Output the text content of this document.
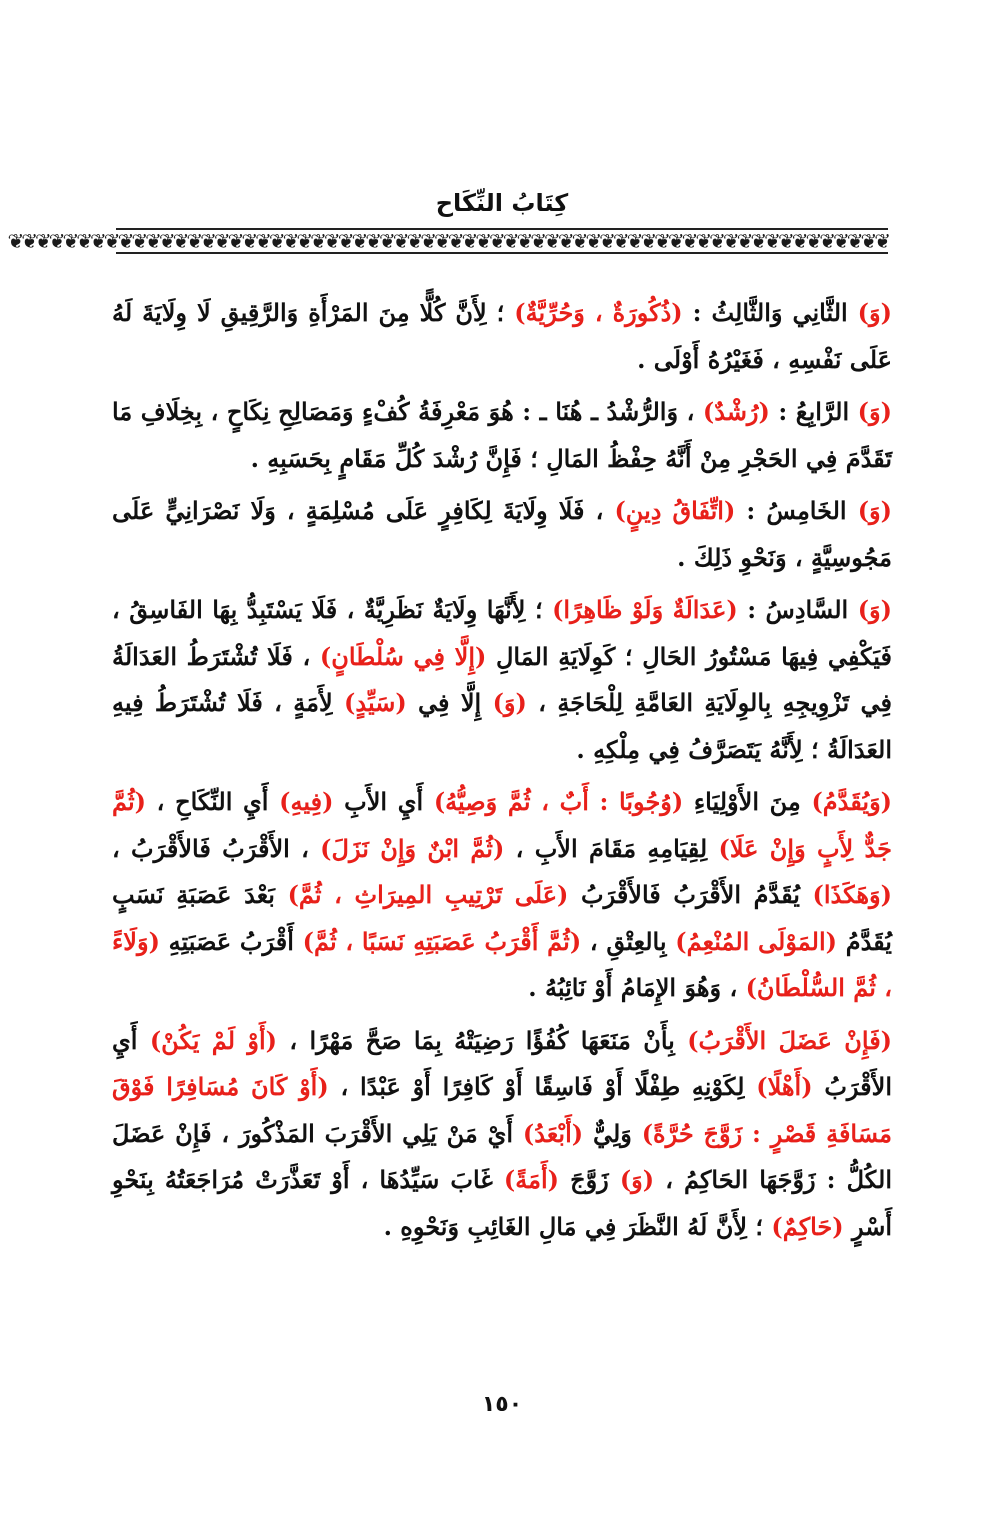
كِتَابُ النِّكَاح
❦❦❦❦❦❦❦❦❦❦❦❦❦❦❦❦❦❦❦❦❦❦❦❦❦❦❦❦❦❦❦❦❦❦❦❦❦❦❦❦❦❦❦❦❦❦❦❦❦❦❦❦❦❦❦❦❦❦❦❦❦❦❦❦

(وَ) الثَّانِي وَالثَّالِثُ : (ذُكُورَةٌ ، وَحُرِّيَّةٌ) ؛ لِأَنَّ كُلًّا مِنَ المَرْأَةِ وَالرَّقِيقِ لَا وِلَايَةَ لَهُ عَلَى نَفْسِهِ ، فَغَيْرُهُ أَوْلَى .

(وَ) الرَّابِعُ : (رُشْدٌ) ، وَالرُّشْدُ ـ هُنَا ـ : هُوَ مَعْرِفَةُ كُفْءٍ وَمَصَالِحِ نِكَاحٍ ، بِخِلَافِ مَا تَقَدَّمَ فِي الحَجْرِ مِنْ أَنَّهُ حِفْظُ المَالِ ؛ فَإِنَّ رُشْدَ كُلِّ مَقَامٍ بِحَسَبِهِ .

(وَ) الخَامِسُ : (اتِّفَاقُ دِينٍ) ، فَلَا وِلَايَةَ لِكَافِرٍ عَلَى مُسْلِمَةٍ ، وَلَا نَصْرَانِيٍّ عَلَى مَجُوسِيَّةٍ ، وَنَحْوِ ذَلِكَ .

(وَ) السَّادِسُ : (عَدَالَةٌ وَلَوْ ظَاهِرًا) ؛ لِأَنَّهَا وِلَايَةٌ نَظَرِيَّةٌ ، فَلَا يَسْتَبِدُّ بِهَا الفَاسِقُ ، فَيَكْفِي فِيهَا مَسْتُورُ الحَالِ ؛ كَوِلَايَةِ المَالِ (إِلَّا فِي سُلْطَانٍ) ، فَلَا تُشْتَرَطُ العَدَالَةُ فِي تَزْوِيجِهِ بِالوِلَايَةِ العَامَّةِ لِلْحَاجَةِ ، (وَ) إِلَّا فِي (سَيِّدٍ) لِأَمَةٍ ، فَلَا تُشْتَرَطُ فِيهِ العَدَالَةُ ؛ لِأَنَّهُ يَتَصَرَّفُ فِي مِلْكِهِ .

(وَيُقَدَّمُ) مِنَ الأَوْلِيَاءِ (وُجُوبًا : أَبٌ ، ثُمَّ وَصِيُّهُ) أَيِ الأَبِ (فِيهِ) أَيِ النِّكَاحِ ، (ثُمَّ جَدٌّ لِأَبٍ وَإِنْ عَلَا) لِقِيَامِهِ مَقَامَ الأَبِ ، (ثُمَّ ابْنٌ وَإِنْ نَزَلَ) ، الأَقْرَبُ فَالأَقْرَبُ ، (وَهَكَذَا) يُقَدَّمُ الأَقْرَبُ فَالأَقْرَبُ (عَلَى تَرْتِيبِ المِيرَاثِ ، ثُمَّ) بَعْدَ عَصَبَةِ نَسَبٍ يُقَدَّمُ (المَوْلَى المُنْعِمُ) بِالعِتْقِ ، (ثُمَّ أَقْرَبُ عَصَبَتِهِ نَسَبًا ، ثُمَّ) أَقْرَبُ عَصَبَتِهِ (وَلَاءً ، ثُمَّ السُّلْطَانُ) ، وَهُوَ الإِمَامُ أَوْ نَائِبُهُ .

(فَإِنْ عَضَلَ الأَقْرَبُ) بِأَنْ مَنَعَهَا كُفُؤًا رَضِيَتْهُ بِمَا صَحَّ مَهْرًا ، (أَوْ لَمْ يَكُنْ) أَيِ الأَقْرَبُ (أَهْلًا) لِكَوْنِهِ طِفْلًا أَوْ فَاسِقًا أَوْ كَافِرًا أَوْ عَبْدًا ، (أَوْ كَانَ مُسَافِرًا فَوْقَ مَسَافَةِ قَصْرٍ : زَوَّجَ حُرَّةً) وَلِيٌّ (أَبْعَدُ) أَيْ مَنْ يَلِي الأَقْرَبَ المَذْكُورَ ، فَإِنْ عَضَلَ الكُلُّ : زَوَّجَهَا الحَاكِمُ ، (وَ) زَوَّجَ (أَمَةً) غَابَ سَيِّدُهَا ، أَوْ تَعَذَّرَتْ مُرَاجَعَتُهُ بِنَحْوِ أَسْرٍ (حَاكِمٌ) ؛ لِأَنَّ لَهُ النَّظَرَ فِي مَالِ الغَائِبِ وَنَحْوِهِ .

١٥٠
